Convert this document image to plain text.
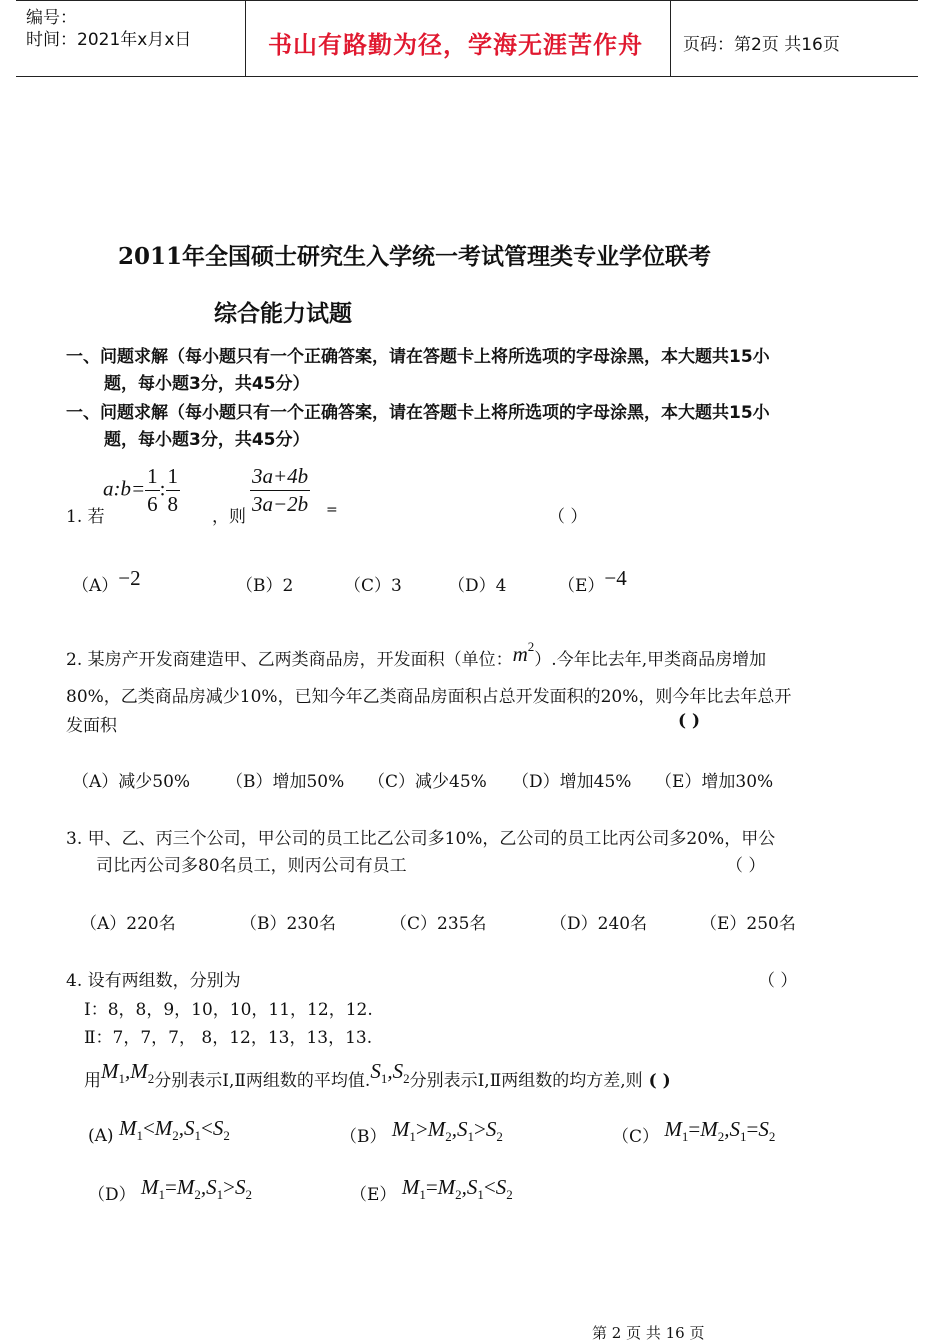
编号：
时间：2021年x月x日	书山有路勤为径，学海无涯苦作舟 页码：第2页 共16页
2011年全国硕士研究生入学统一考试管理类专业学位联考
综合能力试题
一、问题求解（每小题只有一个正确答案，请在答题卡上将所选项的字母涂黑，本大题共15小
题，每小题3分，共45分）
一、问题求解（每小题只有一个正确答案，请在答题卡上将所选项的字母涂黑，本大题共15小
题，每小题3分，共45分）
a:b= $\frac{1}{6}$ : $\frac{1}{8}$	$\frac{3a+4b}{3a-2b}$
1. 若	，则	=	（ ）
（A）−2	（B）2	（C）3	（D）4	（E）−4
2. 某房产开发商建造甲、乙两类商品房，开发面积（单位：$m^2$）.今年比去年,甲类商品房增加
80%，乙类商品房减少10%，已知今年乙类商品房面积占总开发面积的20%，则今年比去年总开
发面积	( )
（A）减少50% （B）增加50% （C）减少45% （D）增加45% （E）增加30%
3. 甲、乙、丙三个公司，甲公司的员工比乙公司多10%，乙公司的员工比丙公司多20%，甲公
司比丙公司多80名员工，则丙公司有员工	（ ）
（A）220名	（B）230名	（C）235名	（D）240名	（E）250名
4. 设有两组数，分别为	（ ）
Ⅰ：8，8，9，10，10，11，12，12.
Ⅱ：7，7，7， 8，12，13，13，13.
用$M_1,M_2$分别表示Ⅰ,Ⅱ两组数的平均值$.S_1,S_2$分别表示Ⅰ,Ⅱ两组数的均方差,则 ( )
(A) $M_1<M_2,S_1<S_2$	（B） $M_1>M_2,S_1>S_2$	（C） $M_1=M_2,S_1=S_2$
（D） $M_1=M_2,S_1>S_2$	（E） $M_1=M_2,S_1<S_2$
第 2 页 共 16 页
